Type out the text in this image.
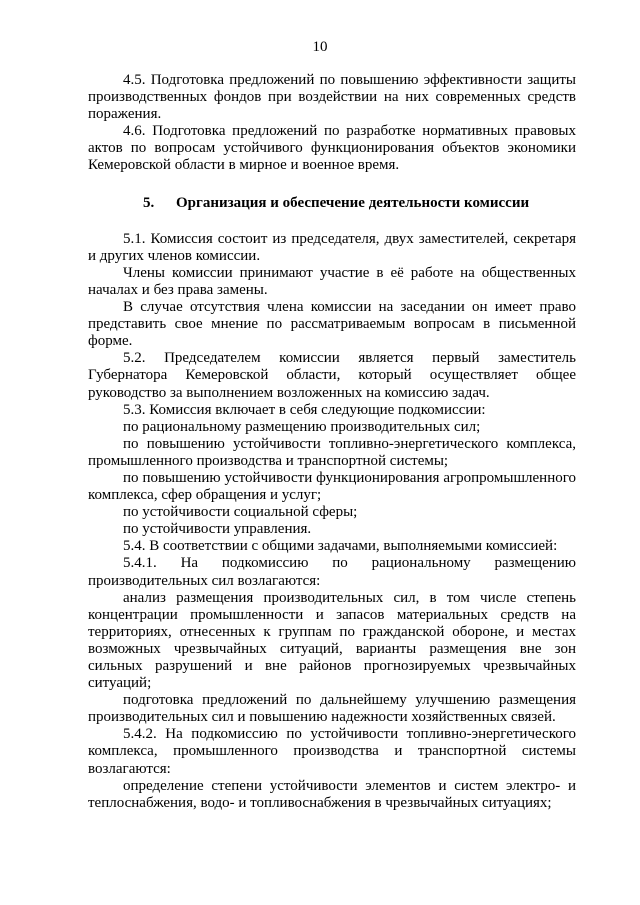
10

4.5. Подготовка предложений по повышению эффективности защиты производственных фондов при воздействии на них современных средств поражения.

4.6. Подготовка предложений по разработке нормативных правовых актов по вопросам устойчивого функционирования объектов экономики Кемеровской области в мирное и военное время.

5. Организация и обеспечение деятельности комиссии

5.1. Комиссия состоит из председателя, двух заместителей, секретаря и других членов комиссии.

Члены комиссии принимают участие в её работе на общественных началах и без права замены.

В случае отсутствия члена комиссии на заседании он имеет право представить свое мнение по рассматриваемым вопросам в письменной форме.

5.2. Председателем комиссии является первый заместитель Губернатора Кемеровской области, который осуществляет общее руководство за выполнением возложенных на комиссию задач.

5.3. Комиссия включает в себя следующие подкомиссии:

по рациональному размещению производительных сил;

по повышению устойчивости топливно-энергетического комплекса, промышленного производства и транспортной системы;

по повышению устойчивости функционирования агропромышленного комплекса, сфер обращения и услуг;

по устойчивости социальной сферы;

по устойчивости управления.

5.4. В соответствии с общими задачами, выполняемыми комиссией:

5.4.1. На подкомиссию по рациональному размещению производительных сил возлагаются:

анализ размещения производительных сил, в том числе степень концентрации промышленности и запасов материальных средств на территориях, отнесенных к группам по гражданской обороне, и местах возможных чрезвычайных ситуаций, варианты размещения вне зон сильных разрушений и вне районов прогнозируемых чрезвычайных ситуаций;

подготовка предложений по дальнейшему улучшению размещения производительных сил и повышению надежности хозяйственных связей.

5.4.2. На подкомиссию по устойчивости топливно-энергетического комплекса, промышленного производства и транспортной системы возлагаются:

определение степени устойчивости элементов и систем электро- и теплоснабжения, водо- и топливоснабжения в чрезвычайных ситуациях;
